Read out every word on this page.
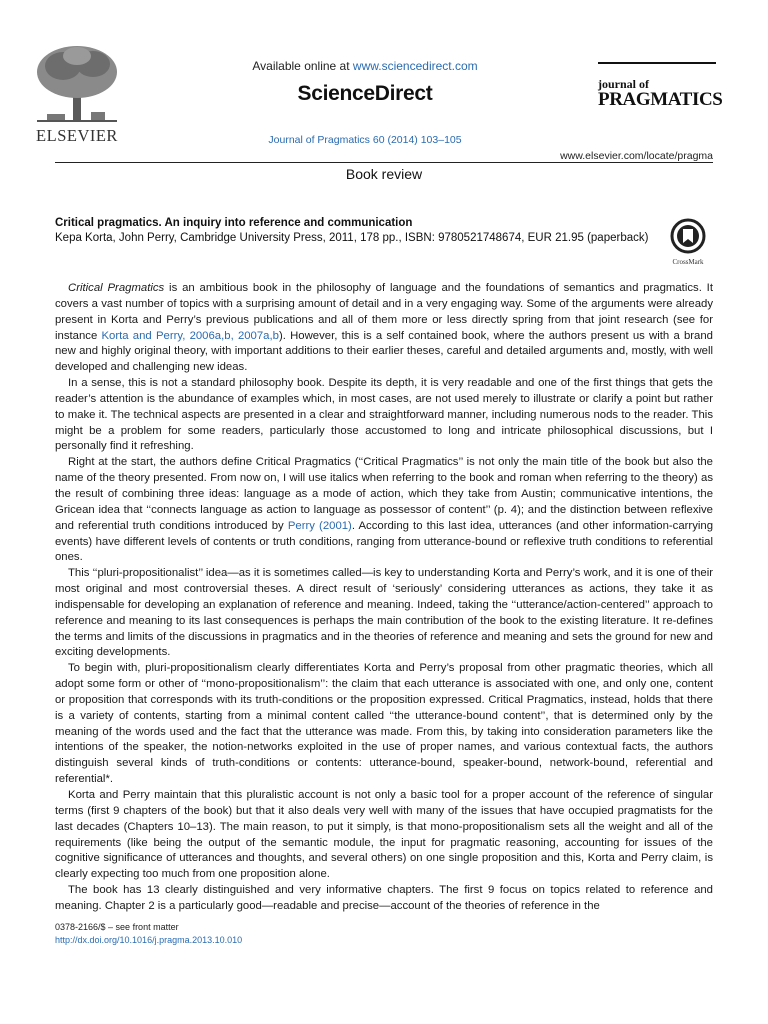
ELSEVIER
Available online at www.sciencedirect.com
ScienceDirect
Journal of Pragmatics 60 (2014) 103–105
journal of
PRAGMATICS
www.elsevier.com/locate/pragma
Book review
Critical pragmatics. An inquiry into reference and communication
Kepa Korta, John Perry, Cambridge University Press, 2011, 178 pp., ISBN: 9780521748674, EUR 21.95 (paperback)
CrossMark

Critical Pragmatics is an ambitious book in the philosophy of language and the foundations of semantics and pragmatics. It covers a vast number of topics with a surprising amount of detail and in a very engaging way. Some of the arguments were already present in Korta and Perry’s previous publications and all of them more or less directly spring from that joint research (see for instance Korta and Perry, 2006a,b, 2007a,b). However, this is a self contained book, where the authors present us with a brand new and highly original theory, with important additions to their earlier theses, careful and detailed arguments and, mostly, with well developed and challenging new ideas.

In a sense, this is not a standard philosophy book. Despite its depth, it is very readable and one of the first things that gets the reader’s attention is the abundance of examples which, in most cases, are not used merely to illustrate or clarify a point but rather to make it. The technical aspects are presented in a clear and straightforward manner, including numerous nods to the reader. This might be a problem for some readers, particularly those accustomed to long and intricate philosophical discussions, but I personally find it refreshing.

Right at the start, the authors define Critical Pragmatics (‘‘Critical Pragmatics’’ is not only the main title of the book but also the name of the theory presented. From now on, I will use italics when referring to the book and roman when referring to the theory) as the result of combining three ideas: language as a mode of action, which they take from Austin; communicative intentions, the Gricean idea that ‘‘connects language as action to language as possessor of content’’ (p. 4); and the distinction between reflexive and referential truth conditions introduced by Perry (2001). According to this last idea, utterances (and other information-carrying events) have different levels of contents or truth conditions, ranging from utterance-bound or reflexive truth conditions to referential ones.

This ‘‘pluri-propositionalist’’ idea—as it is sometimes called—is key to understanding Korta and Perry’s work, and it is one of their most original and most controversial theses. A direct result of ‘seriously’ considering utterances as actions, they take it as indispensable for developing an explanation of reference and meaning. Indeed, taking the ‘‘utterance/action-centered’’ approach to reference and meaning to its last consequences is perhaps the main contribution of the book to the existing literature. It re-defines the terms and limits of the discussions in pragmatics and in the theories of reference and meaning and sets the ground for new and exciting developments.

To begin with, pluri-propositionalism clearly differentiates Korta and Perry’s proposal from other pragmatic theories, which all adopt some form or other of ‘‘mono-propositionalism’’: the claim that each utterance is associated with one, and only one, content or proposition that corresponds with its truth-conditions or the proposition expressed. Critical Pragmatics, instead, holds that there is a variety of contents, starting from a minimal content called ‘‘the utterance-bound content’’, that is determined only by the meaning of the words used and the fact that the utterance was made. From this, by taking into consideration parameters like the intentions of the speaker, the notion-networks exploited in the use of proper names, and various contextual facts, the authors distinguish several kinds of truth-conditions or contents: utterance-bound, speaker-bound, network-bound, referential and referential*.

Korta and Perry maintain that this pluralistic account is not only a basic tool for a proper account of the reference of singular terms (first 9 chapters of the book) but that it also deals very well with many of the issues that have occupied pragmatists for the last decades (Chapters 10–13). The main reason, to put it simply, is that mono-propositionalism sets all the weight and all of the requirements (like being the output of the semantic module, the input for pragmatic reasoning, accounting for issues of the cognitive significance of utterances and thoughts, and several others) on one single proposition and this, Korta and Perry claim, is clearly expecting too much from one proposition alone.

The book has 13 clearly distinguished and very informative chapters. The first 9 focus on topics related to reference and meaning. Chapter 2 is a particularly good—readable and precise—account of the theories of reference in the

0378-2166/$ – see front matter
http://dx.doi.org/10.1016/j.pragma.2013.10.010
